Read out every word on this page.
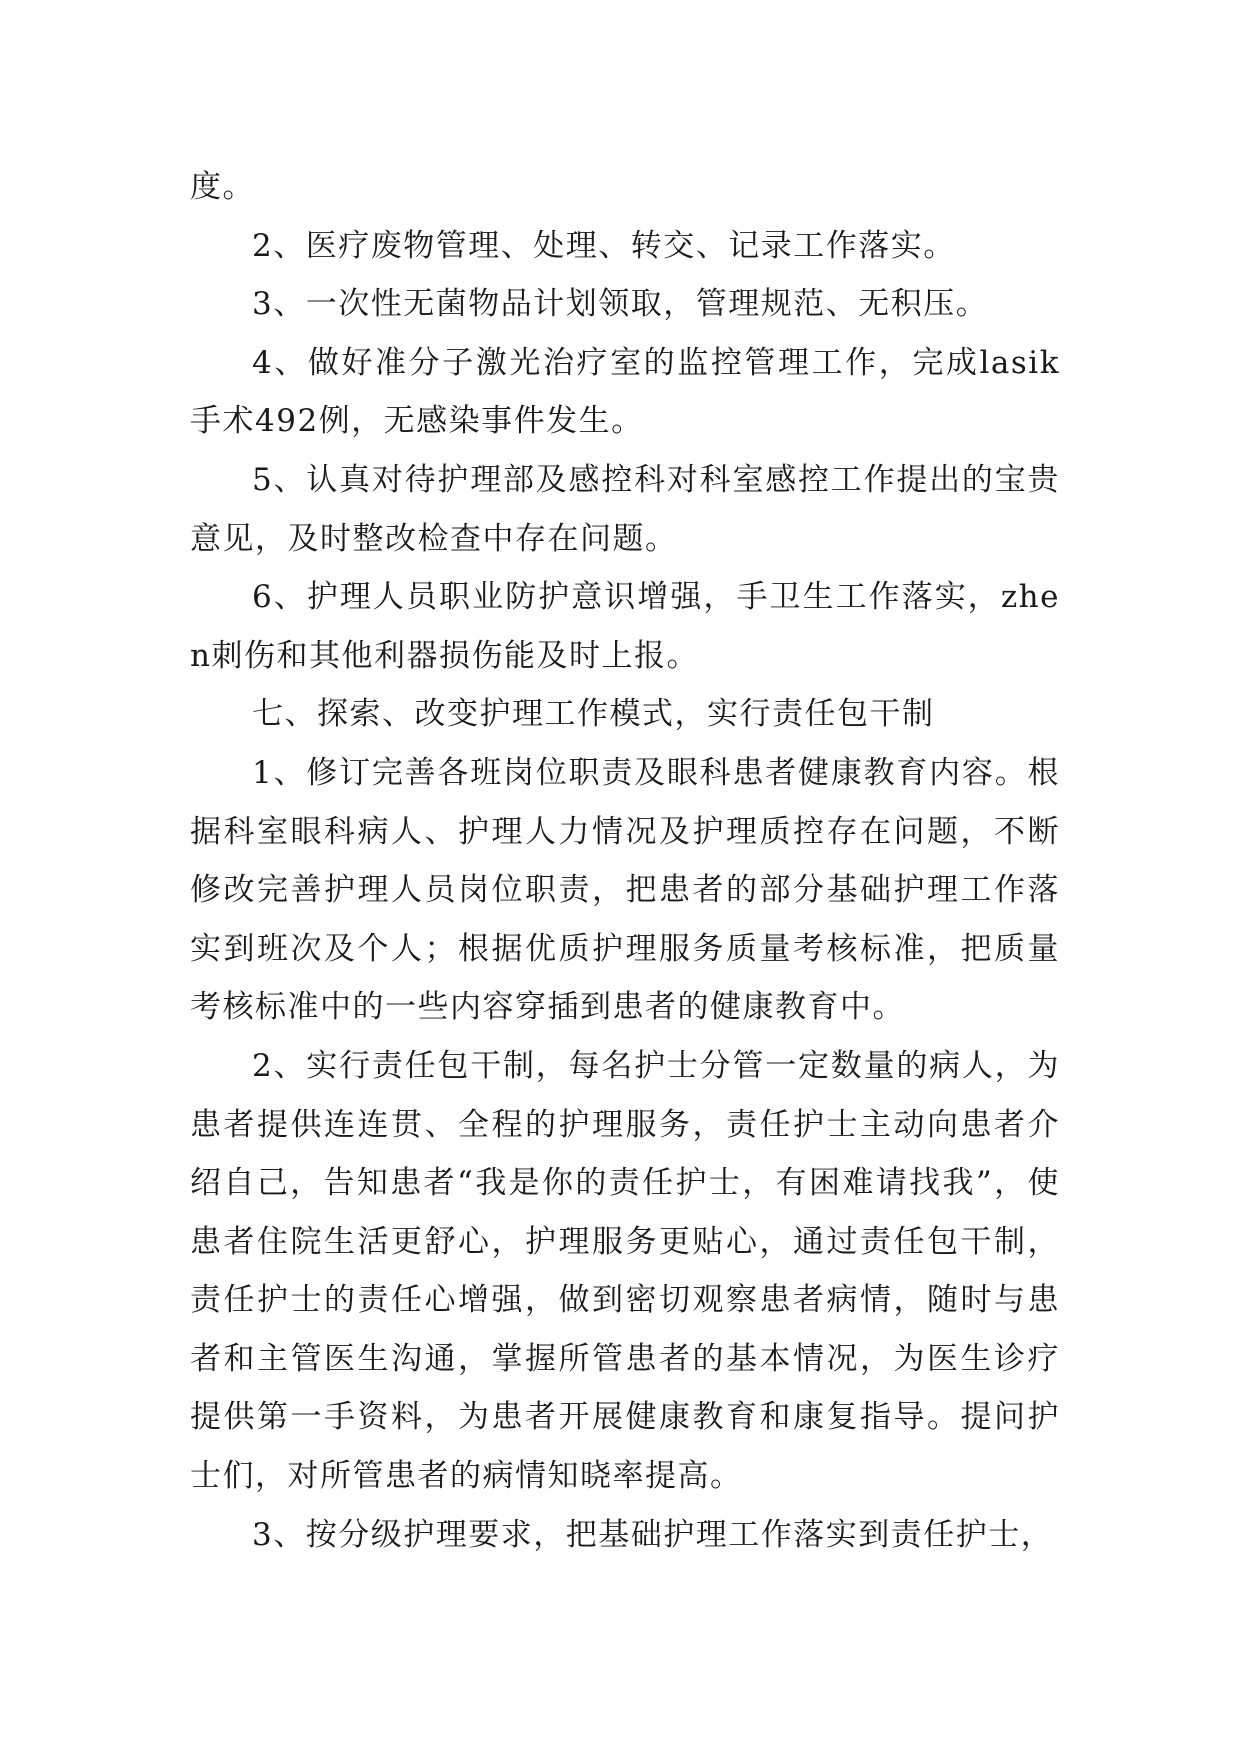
度。

2、医疗废物管理、处理、转交、记录工作落实。

3、一次性无菌物品计划领取，管理规范、无积压。

4、做好准分子激光治疗室的监控管理工作，完成lasik手术492例，无感染事件发生。

5、认真对待护理部及感控科对科室感控工作提出的宝贵意见，及时整改检查中存在问题。

6、护理人员职业防护意识增强，手卫生工作落实，zhen刺伤和其他利器损伤能及时上报。

七、探索、改变护理工作模式，实行责任包干制

1、修订完善各班岗位职责及眼科患者健康教育内容。根据科室眼科病人、护理人力情况及护理质控存在问题，不断修改完善护理人员岗位职责，把患者的部分基础护理工作落实到班次及个人；根据优质护理服务质量考核标准，把质量考核标准中的一些内容穿插到患者的健康教育中。

2、实行责任包干制，每名护士分管一定数量的病人，为患者提供连连贯、全程的护理服务，责任护士主动向患者介绍自己，告知患者“我是你的责任护士，有困难请找我”，使患者住院生活更舒心，护理服务更贴心，通过责任包干制，责任护士的责任心增强，做到密切观察患者病情，随时与患者和主管医生沟通，掌握所管患者的基本情况，为医生诊疗提供第一手资料，为患者开展健康教育和康复指导。提问护士们，对所管患者的病情知晓率提高。

3、按分级护理要求，把基础护理工作落实到责任护士，
